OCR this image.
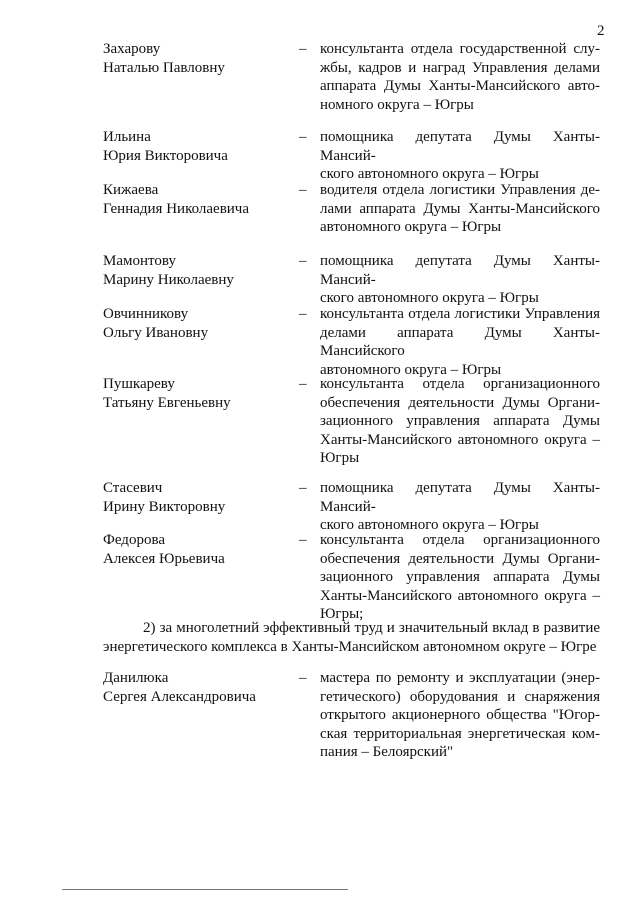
2
Захарову
Наталью Павловну
– консультанта отдела государственной слу-
жбы, кадров и наград Управления делами
аппарата Думы Ханты-Мансийского авто-
номного округа – Югры
Ильина
Юрия Викторовича
– помощника депутата Думы Ханты-Мансий-
ского автономного округа – Югры
Кижаева
Геннадия Николаевича
– водителя отдела логистики Управления де-
лами аппарата Думы Ханты-Мансийского
автономного округа – Югры
Мамонтову
Марину Николаевну
– помощника депутата Думы Ханты-Мансий-
ского автономного округа – Югры
Овчинникову
Ольгу Ивановну
– консультанта отдела логистики Управления
делами аппарата Думы Ханты-Мансийского
автономного округа – Югры
Пушкареву
Татьяну Евгеньевну
– консультанта отдела организационного
обеспечения деятельности Думы Органи-
зационного управления аппарата Думы
Ханты-Мансийского автономного округа –
Югры
Стасевич
Ирину Викторовну
– помощника депутата Думы Ханты-Мансий-
ского автономного округа – Югры
Федорова
Алексея Юрьевича
– консультанта отдела организационного
обеспечения деятельности Думы Органи-
зационного управления аппарата Думы
Ханты-Мансийского автономного округа –
Югры;
2) за многолетний эффективный труд и значительный вклад в развитие
энергетического комплекса в Ханты-Мансийском автономном округе – Югре
Данилюка
Сергея Александровича
– мастера по ремонту и эксплуатации (энер-
гетического) оборудования и снаряжения
открытого акционерного общества "Югор-
ская территориальная энергетическая ком-
пания – Белоярский"
